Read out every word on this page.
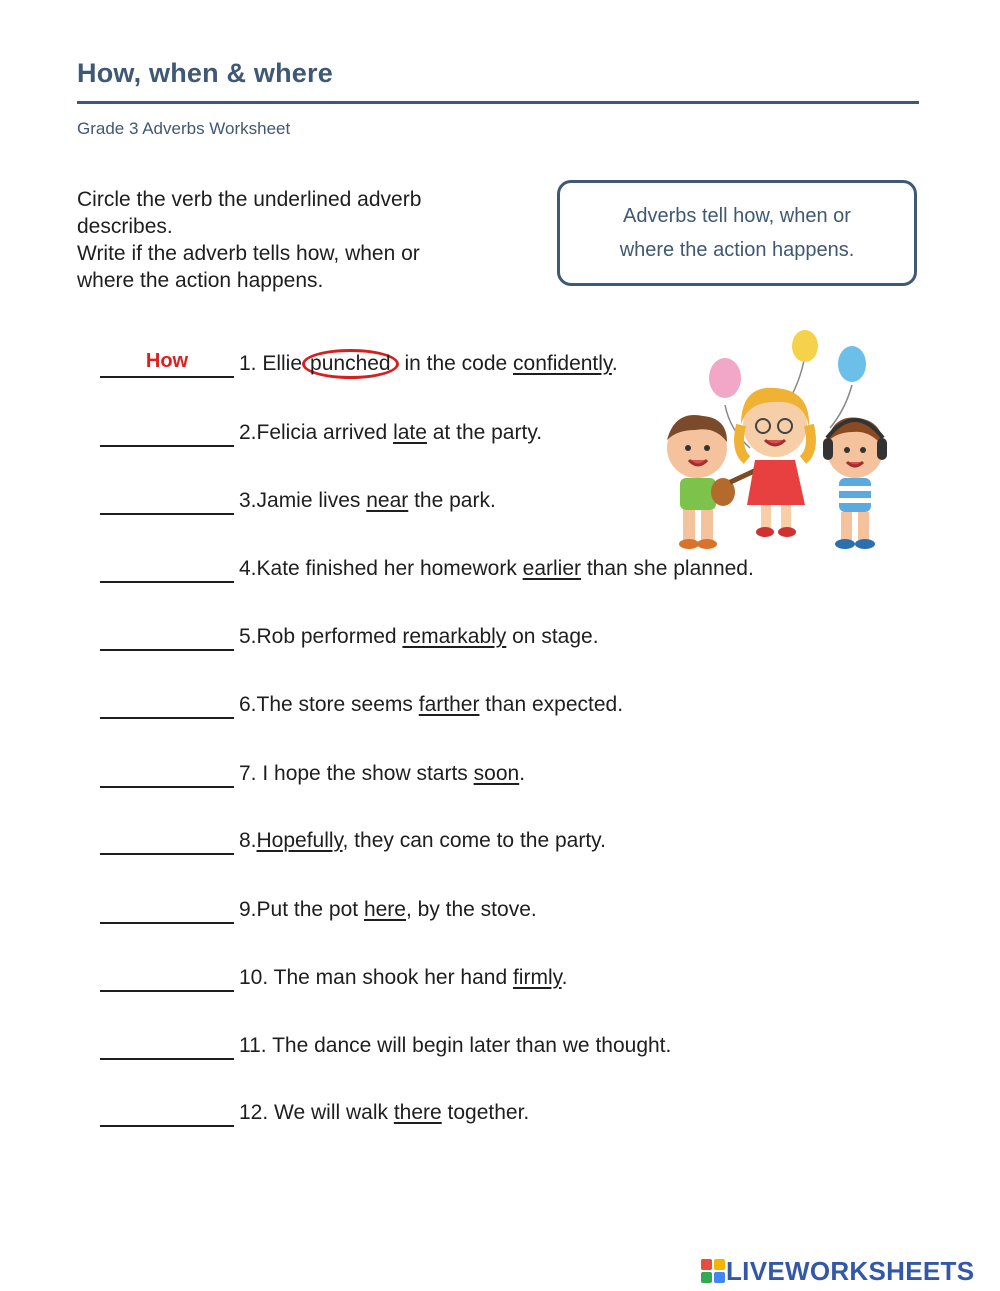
How, when & where
Grade 3 Adverbs Worksheet
Circle the verb the underlined adverb
describes.
Write if the adverb tells how, when or
where the action happens.
Adverbs tell how, when or
where the action happens.
How	1. Ellie punched in the code confidently.
2.Felicia arrived late at the party.
3.Jamie lives near the park.
4.Kate finished her homework earlier than she planned.
5.Rob performed remarkably on stage.
6.The store seems farther than expected.
7. I hope the show starts soon.
8.Hopefully, they can come to the party.
9.Put the pot here, by the stove.
10. The man shook her hand firmly.
11. The dance will begin later than we thought.
12. We will walk there together.
LIVEWORKSHEETS
